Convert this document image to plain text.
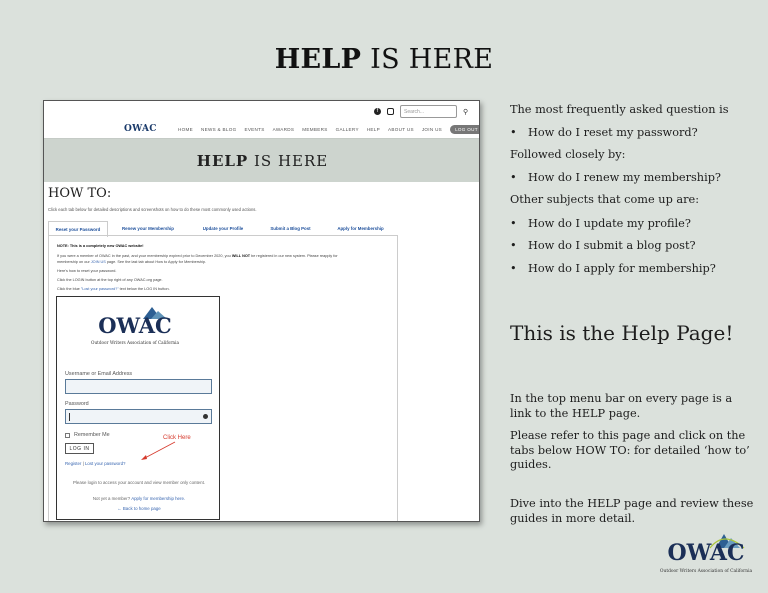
HELP IS HERE
f	Search...	⚲
OWAC	HOME NEWS & BLOG EVENTS AWARDS MEMBERS GALLERY HELP ABOUT US JOIN US	LOG OUT
HELP IS HERE
HOW TO:
Click each tab below for detailed descriptions and screenshots on how to do these most commonly used actions.
Reset your Password	Renew your Membership	Update your Profile	Submit a Blog Post	Apply for Membership
NOTE: This is a completely new OWAC website!
If you were a member of OWAC in the past, and your membership expired prior to December 2020, you WILL NOT be registered in our new system. Please reapply for
membership on our JOIN US page. See the last tab about How to Apply for Membership.
Here's how to reset your password.
Click the LOGIN button at the top right of any OWAC.org page.
Click the blue "Lost your password?" text below the LOG IN button.
OWAC
Outdoor Writers Association of California
Username or Email Address
Password
Remember Me
LOG IN
Click Here
Register | Lost your password?
Please login to access your account and view member only content.
Not yet a member? Apply for membership here.
← Back to home page
The most frequently asked question is
• How do I reset my password?
Followed closely by:
• How do I renew my membership?
Other subjects that come up are:
• How do I update my profile?
• How do I submit a blog post?
• How do I apply for membership?
This is the Help Page!
In the top menu bar on every page is a
link to the HELP page.
Please refer to this page and click on the
tabs below HOW TO: for detailed ‘how to’
guides.
Dive into the HELP page and review these
guides in more detail.
OWAC
Outdoor Writers Association of California
